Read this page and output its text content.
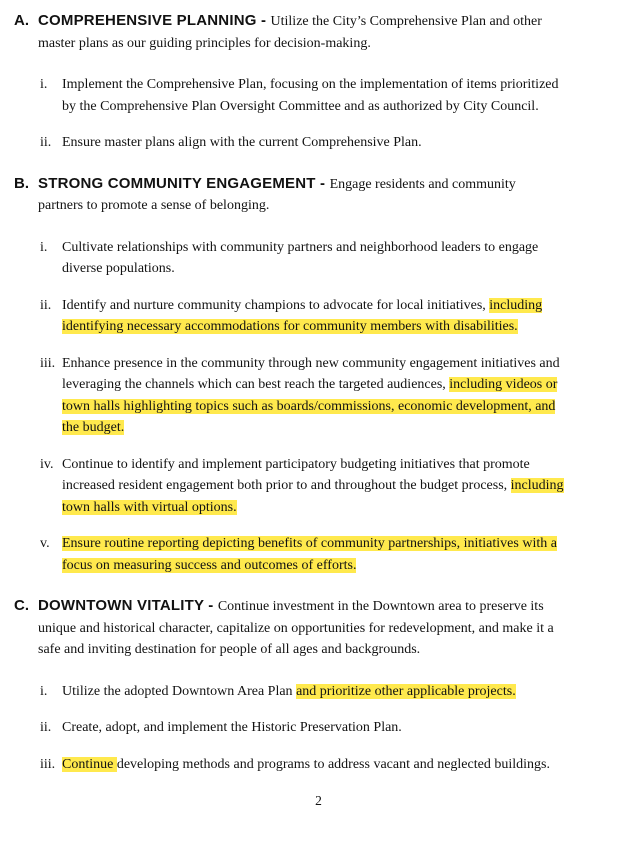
A. COMPREHENSIVE PLANNING - Utilize the City’s Comprehensive Plan and other
master plans as our guiding principles for decision-making.
i.	Implement the Comprehensive Plan, focusing on the implementation of items prioritized
by the Comprehensive Plan Oversight Committee and as authorized by City Council.
ii. Ensure master plans align with the current Comprehensive Plan.
B. STRONG COMMUNITY ENGAGEMENT - Engage residents and community
partners to promote a sense of belonging.
i.	Cultivate relationships with community partners and neighborhood leaders to engage
diverse populations.
ii. Identify and nurture community champions to advocate for local initiatives, including
identifying necessary accommodations for community members with disabilities.
iii. Enhance presence in the community through new community engagement initiatives and
leveraging the channels which can best reach the targeted audiences, including videos or
town halls highlighting topics such as boards/commissions, economic development, and
the budget.
iv. Continue to identify and implement participatory budgeting initiatives that promote
increased resident engagement both prior to and throughout the budget process, including
town halls with virtual options.
v. Ensure routine reporting depicting benefits of community partnerships, initiatives with a
focus on measuring success and outcomes of efforts.
C. DOWNTOWN VITALITY - Continue investment in the Downtown area to preserve its
unique and historical character, capitalize on opportunities for redevelopment, and make it a
safe and inviting destination for people of all ages and backgrounds.
i.	Utilize the adopted Downtown Area Plan and prioritize other applicable projects.
ii. Create, adopt, and implement the Historic Preservation Plan.
iii. Continue developing methods and programs to address vacant and neglected buildings.
2
